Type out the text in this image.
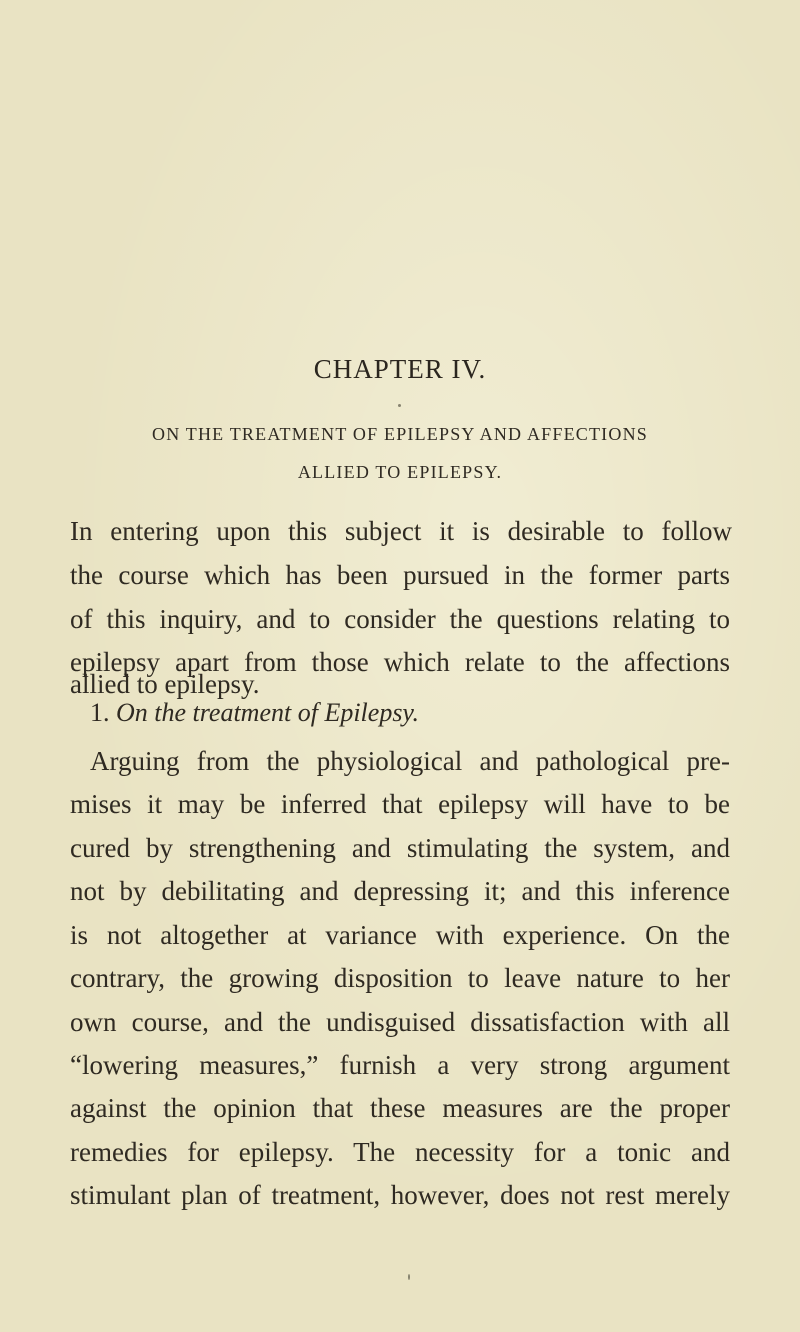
CHAPTER IV.
ON THE TREATMENT OF EPILEPSY AND AFFECTIONS
ALLIED TO EPILEPSY.
In entering upon this subject it is desirable to follow
the course which has been pursued in the former parts
of this inquiry, and to consider the questions relating to
epilepsy apart from those which relate to the affections
allied to epilepsy.
1. On the treatment of Epilepsy.
Arguing from the physiological and pathological pre-
mises it may be inferred that epilepsy will have to be
cured by strengthening and stimulating the system, and
not by debilitating and depressing it; and this inference
is not altogether at variance with experience. On the
contrary, the growing disposition to leave nature to her
own course, and the undisguised dissatisfaction with all
“lowering measures,” furnish a very strong argument
against the opinion that these measures are the proper
remedies for epilepsy. The necessity for a tonic and
stimulant plan of treatment, however, does not rest merely
